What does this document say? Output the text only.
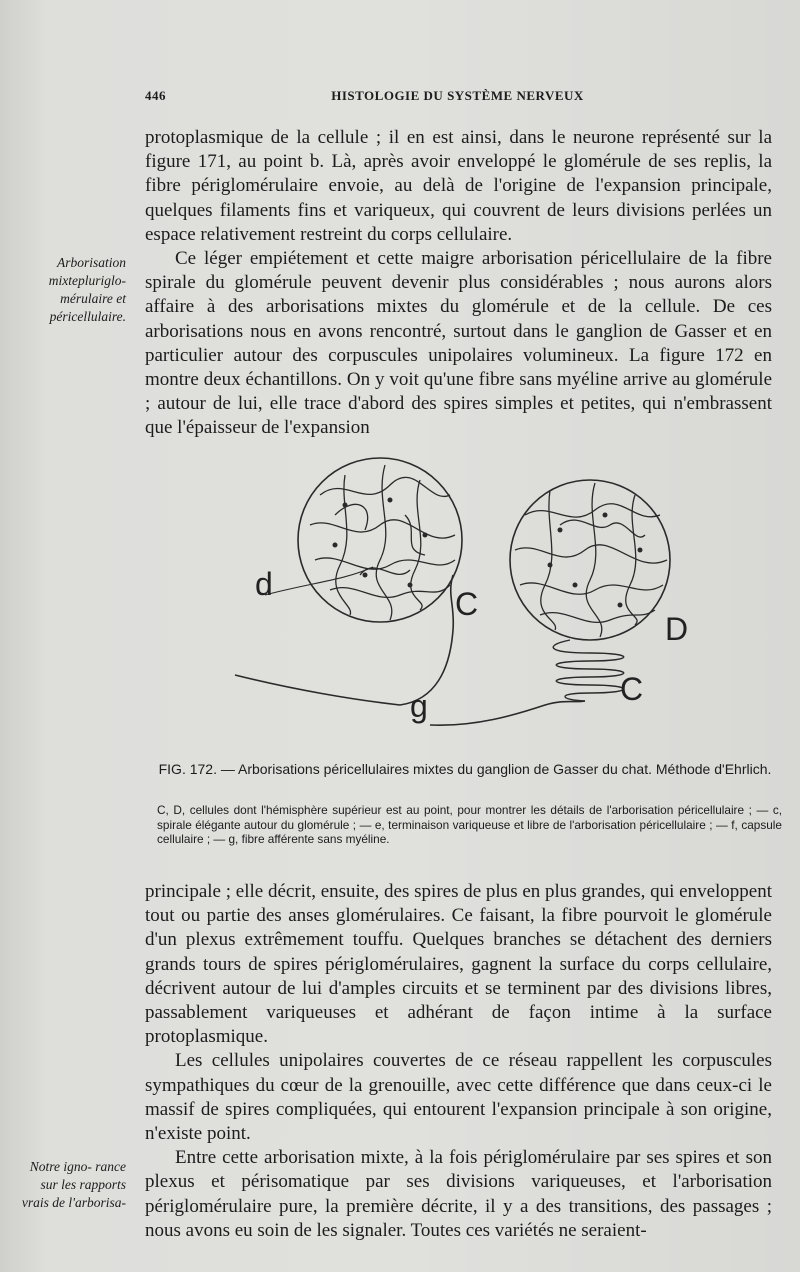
446	HISTOLOGIE DU SYSTÈME NERVEUX
Arborisation mixtepluriglo- mérulaire et péricellulaire.
Notre igno- rance sur les rapports vrais de l'arborisa-

protoplasmique de la cellule ; il en est ainsi, dans le neurone représenté sur la figure 171, au point b. Là, après avoir enveloppé le glomérule de ses replis, la fibre périglomérulaire envoie, au delà de l'origine de l'expansion principale, quelques filaments fins et variqueux, qui couvrent de leurs divisions perlées un espace relativement restreint du corps cellulaire.

Ce léger empiétement et cette maigre arborisation péricellulaire de la fibre spirale du glomérule peuvent devenir plus considérables ; nous aurons alors affaire à des arborisations mixtes du glomérule et de la cellule. De ces arborisations nous en avons rencontré, surtout dans le ganglion de Gasser et en particulier autour des corpuscules unipolaires volumineux. La figure 172 en montre deux échantillons. On y voit qu'une fibre sans myéline arrive au glomérule ; autour de lui, elle trace d'abord des spires simples et petites, qui n'embrassent que l'épaisseur de l'expansion

d
C
D
C
g
FIG. 172. — Arborisations péricellulaires mixtes du ganglion de Gasser du chat. Méthode d'Ehrlich.
C, D, cellules dont l'hémisphère supérieur est au point, pour montrer les détails de l'arborisation péricellulaire ; — c, spirale élégante autour du glomérule ; — e, terminaison variqueuse et libre de l'arborisation péricellulaire ; — f, capsule cellulaire ; — g, fibre afférente sans myéline.

principale ; elle décrit, ensuite, des spires de plus en plus grandes, qui enveloppent tout ou partie des anses glomérulaires. Ce faisant, la fibre pourvoit le glomérule d'un plexus extrêmement touffu. Quelques branches se détachent des derniers grands tours de spires périglomérulaires, gagnent la surface du corps cellulaire, décrivent autour de lui d'amples circuits et se terminent par des divisions libres, passablement variqueuses et adhérant de façon intime à la surface protoplasmique.

Les cellules unipolaires couvertes de ce réseau rappellent les corpuscules sympathiques du cœur de la grenouille, avec cette différence que dans ceux-ci le massif de spires compliquées, qui entourent l'expansion principale à son origine, n'existe point.

Entre cette arborisation mixte, à la fois périglomérulaire par ses spires et son plexus et périsomatique par ses divisions variqueuses, et l'arborisation périglomérulaire pure, la première décrite, il y a des transitions, des passages ; nous avons eu soin de les signaler. Toutes ces variétés ne seraient-
